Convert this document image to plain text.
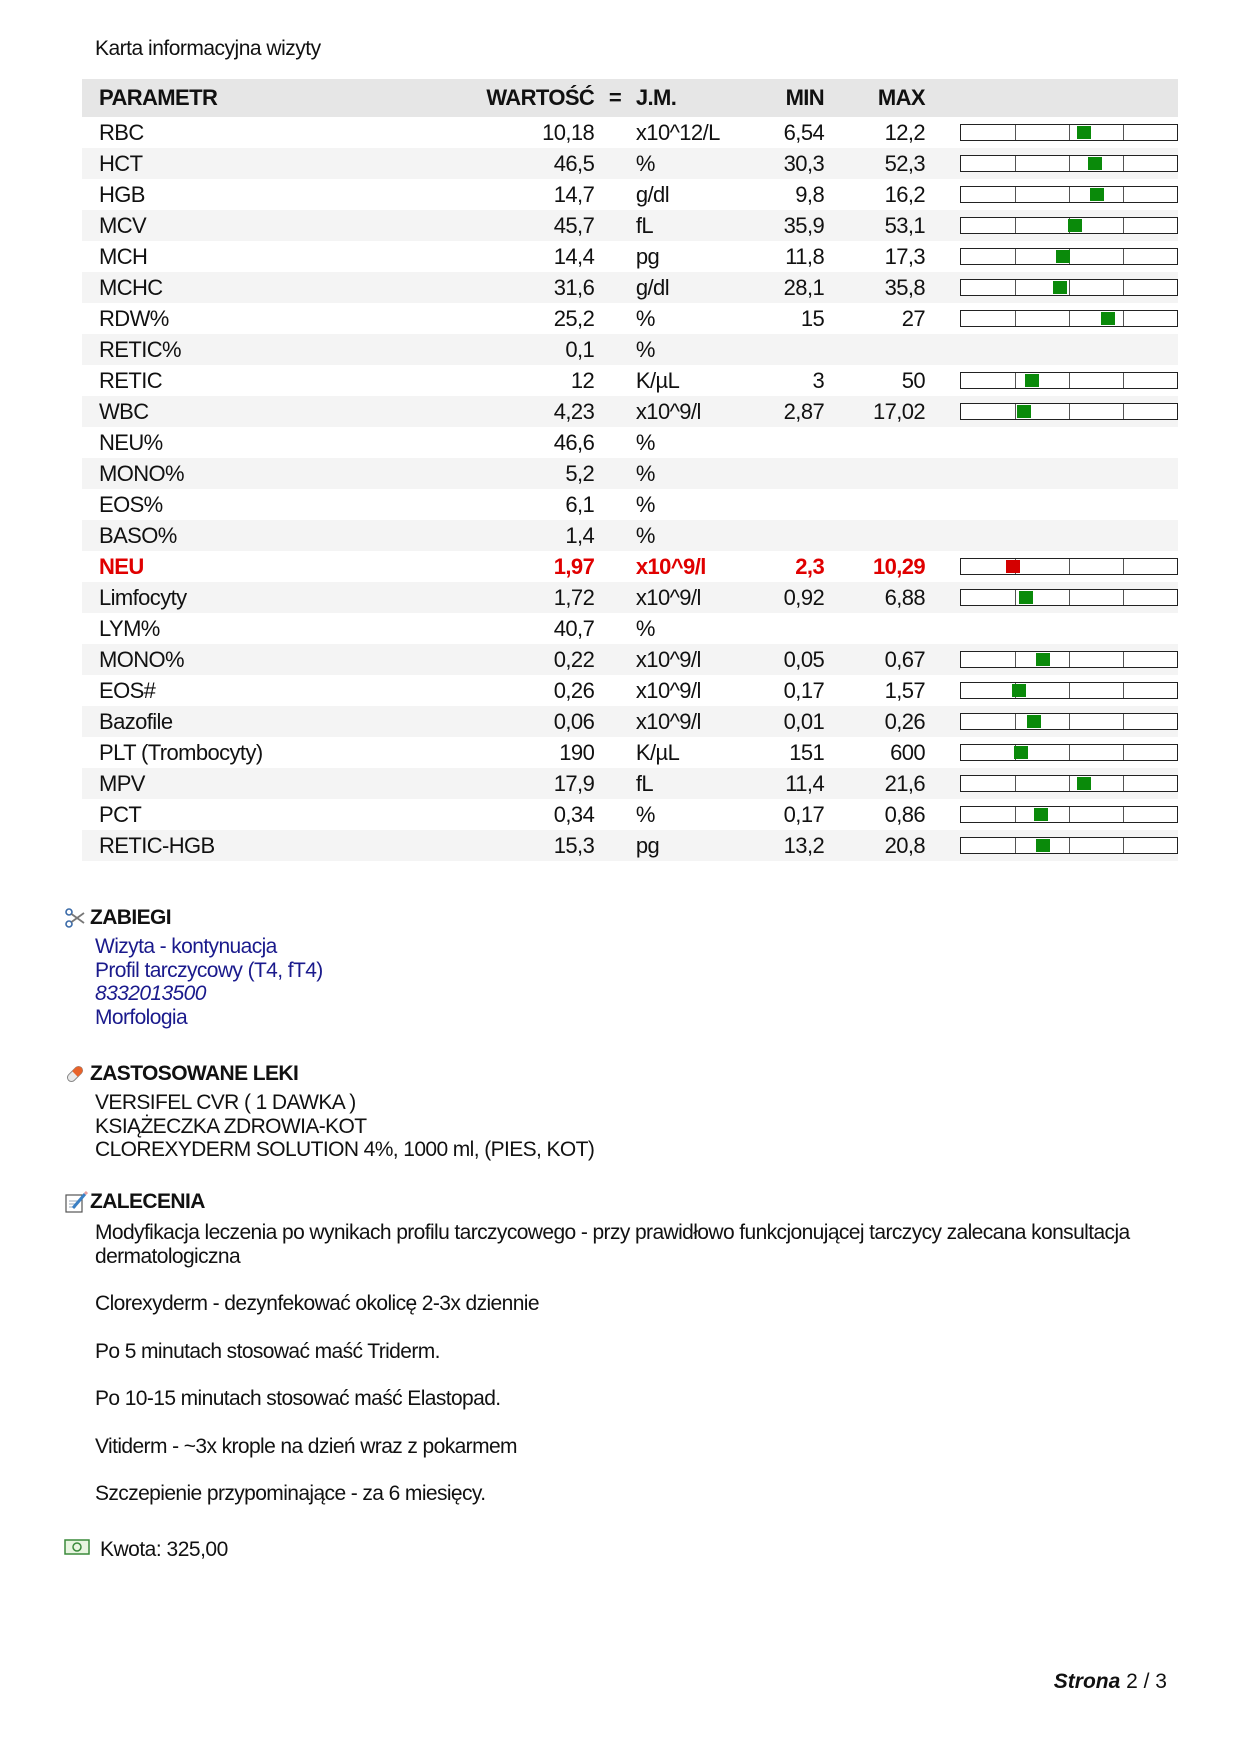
Karta informacyjna wizyty
PARAMETR	WARTOŚĆ	=	J.M.	MIN	MAX	
RBC	10,18		x10^12/L	6,54	12,2	

HCT	46,5		%	30,3	52,3	

HGB	14,7		g/dl	9,8	16,2	

MCV	45,7		fL	35,9	53,1	

MCH	14,4		pg	11,8	17,3	

MCHC	31,6		g/dl	28,1	35,8	

RDW%	25,2		%	15	27	

RETIC%	0,1		%			
RETIC	12		K/µL	3	50	

WBC	4,23		x10^9/l	2,87	17,02	

NEU%	46,6		%			
MONO%	5,2		%			
EOS%	6,1		%			
BASO%	1,4		%			
NEU	1,97		x10^9/l	2,3	10,29	

Limfocyty	1,72		x10^9/l	0,92	6,88	

LYM%	40,7		%			
MONO%	0,22		x10^9/l	0,05	0,67	

EOS#	0,26		x10^9/l	0,17	1,57	

Bazofile	0,06		x10^9/l	0,01	0,26	

PLT (Trombocyty)	190		K/µL	151	600	

MPV	17,9		fL	11,4	21,6	

PCT	0,34		%	0,17	0,86	

RETIC-HGB	15,3		pg	13,2	20,8	
ZABIEGI
Wizyta - kontynuacja
Profil tarczycowy (T4, fT4)
8332013500
Morfologia
ZASTOSOWANE LEKI
VERSIFEL CVR ( 1 DAWKA )
KSIĄŻECZKA ZDROWIA-KOT
CLOREXYDERM SOLUTION 4%, 1000 ml, (PIES, KOT)
ZALECENIA

Modyfikacja leczenia po wynikach profilu tarczycowego - przy prawidłowo funkcjonującej tarczycy zalecana konsultacja dermatologiczna

Clorexyderm - dezynfekować okolicę 2-3x dziennie

Po 5 minutach stosować maść Triderm.

Po 10-15 minutach stosować maść Elastopad.

Vitiderm - ~3x krople na dzień wraz z pokarmem

Szczepienie przypominające - za 6 miesięcy.

Kwota: 325,00
Strona 2 / 3
